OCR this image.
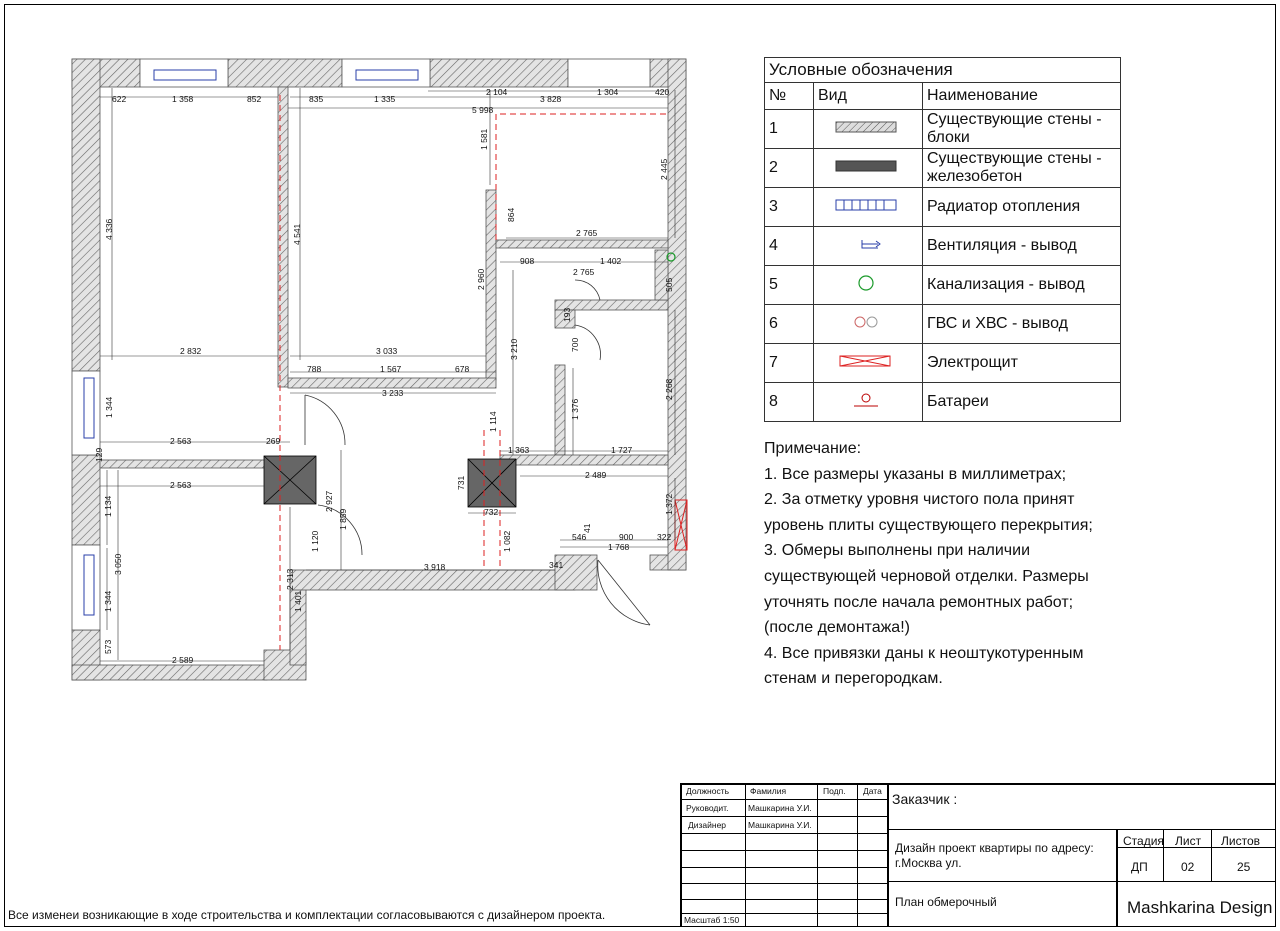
622	1 358	852	835	1 335
2 104
3 828
1 304	420
5 998
4 336	4 541
1 581
2 445
864
2 765
908	1 402
2 765
505
2 960
193
700
3 210
2 832	3 033
788	1 567	678
3 233
1 344	1 376
2 268
1 114
2 563	269
1 363	1 727
129
2 563
2 927
731
2 489
1 134
1 859	732	1 372
3 050
1 120	1 082	546
41
900	322
1 768
1 344
3 918	341
2 313
1 401
573
2 589
Условные обозначения		
№	Вид	Наименование
1		Существующие стены - блоки
2		Существующие стены - железобетон
3		Радиатор отопления
4		Вентиляция - вывод
5		Канализация - вывод
6		ГВС и ХВС - вывод
7		Электрощит
8		Батареи
Примечание:
1. Все размеры указаны в миллиметрах;
2. За отметку уровня чистого пола принят
уровень плиты существующего перекрытия;
3. Обмеры выполнены при наличии
существующей черновой отделки. Размеры
уточнять после начала ремонтных работ;
(после демонтажа!)
4. Все привязки даны к неоштукотуренным
стенам и перегородкам.
Все изменеи возникающие в ходе строительства и комплектации согласовываются с дизайнером проекта.
Должность Фамилия	Подп. Дата
Руководит. Машкарина У.И.
Дизайнер	Машкарина У.И.
Масштаб 1:50
Заказчик :
Дизайн проект квартиры по адресу:
г.Москва ул.
Стадия Лист Листов
ДП	02	25
План обмерочный	Mashkarina Design
